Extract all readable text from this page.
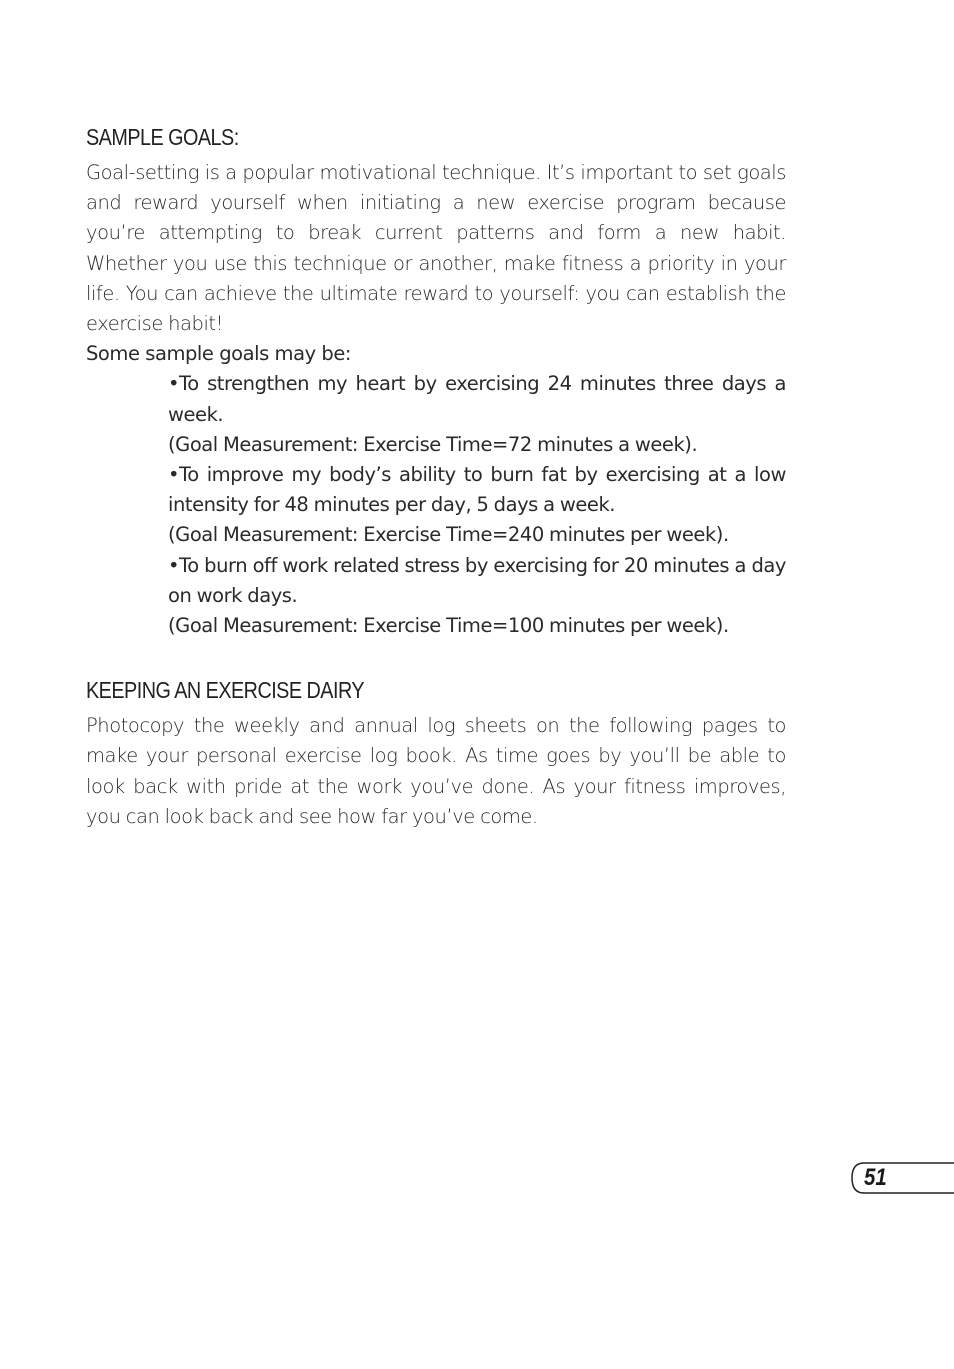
SAMPLE GOALS:

Goal-setting is a popular motivational technique. It’s important to set goals and reward yourself when initiating a new exercise program because you’re attempting to break current patterns and form a new habit. Whether you use this technique or another, make fitness a priority in your life. You can achieve the ultimate reward to yourself: you can establish the exercise habit!

Some sample goals may be:

•To strengthen my heart by exercising 24 minutes three days a week.
(Goal Measurement: Exercise Time=72 minutes a week).
•To improve my body’s ability to burn fat by exercising at a low intensity for 48 minutes per day, 5 days a week.
(Goal Measurement: Exercise Time=240 minutes per week).
•To burn off work related stress by exercising for 20 minutes a day on work days.
(Goal Measurement: Exercise Time=100 minutes per week).
KEEPING AN EXERCISE DAIRY

Photocopy the weekly and annual log sheets on the following pages to make your personal exercise log book. As time goes by you’ll be able to look back with pride at the work you’ve done. As your fitness improves, you can look back and see how far you’ve come.

51
